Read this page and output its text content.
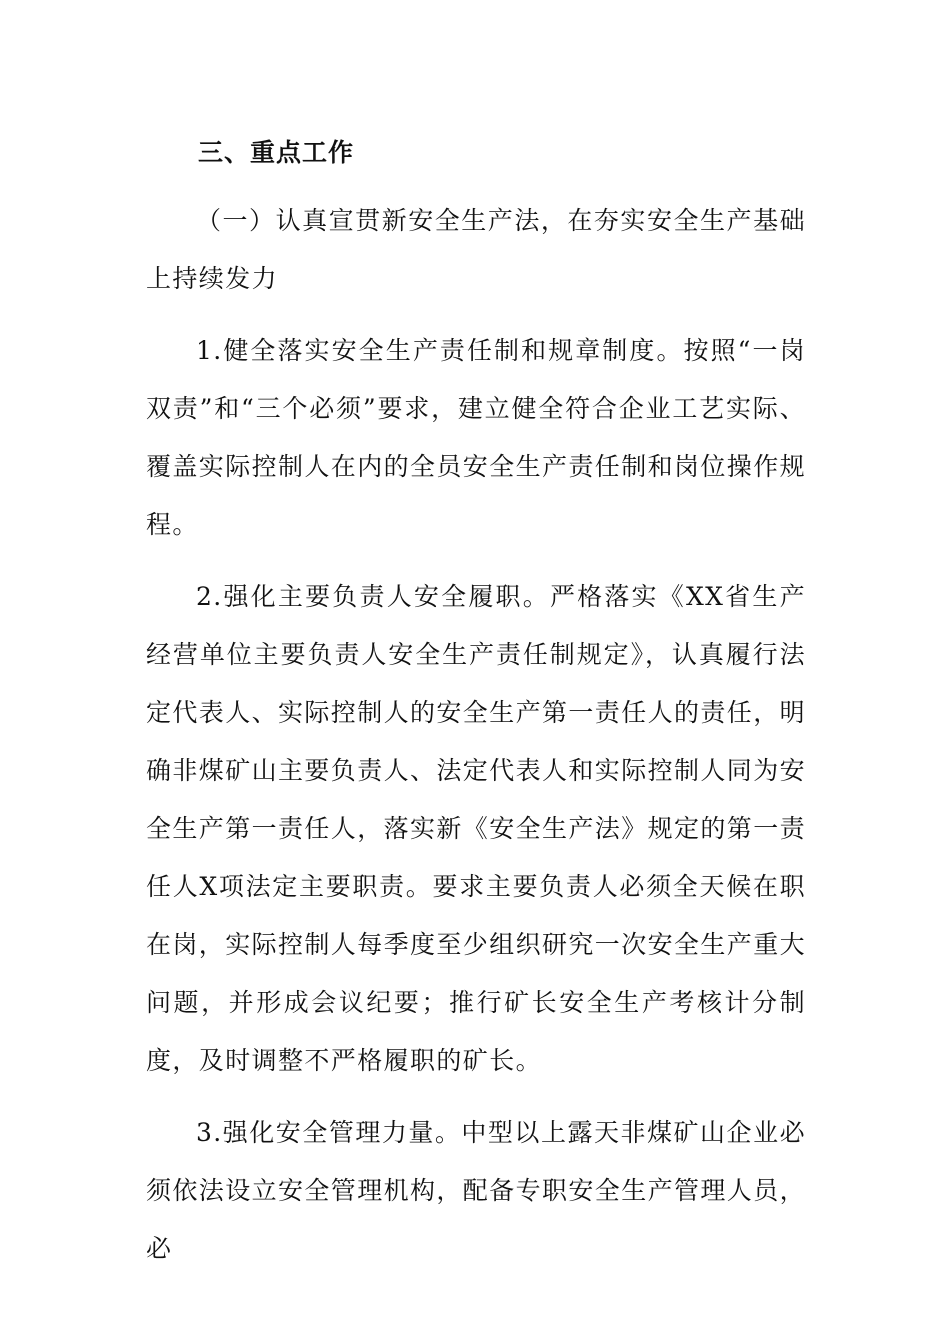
三、重点工作

（一）认真宣贯新安全生产法，在夯实安全生产基础上持续发力

1.健全落实安全生产责任制和规章制度。按照“一岗双责”和“三个必须”要求，建立健全符合企业工艺实际、覆盖实际控制人在内的全员安全生产责任制和岗位操作规程。

2.强化主要负责人安全履职。严格落实《XX省生产经营单位主要负责人安全生产责任制规定》，认真履行法定代表人、实际控制人的安全生产第一责任人的责任，明确非煤矿山主要负责人、法定代表人和实际控制人同为安全生产第一责任人，落实新《安全生产法》规定的第一责任人X项法定主要职责。要求主要负责人必须全天候在职在岗，实际控制人每季度至少组织研究一次安全生产重大问题，并形成会议纪要；推行矿长安全生产考核计分制度，及时调整不严格履职的矿长。

3.强化安全管理力量。中型以上露天非煤矿山企业必须依法设立安全管理机构，配备专职安全生产管理人员，必
